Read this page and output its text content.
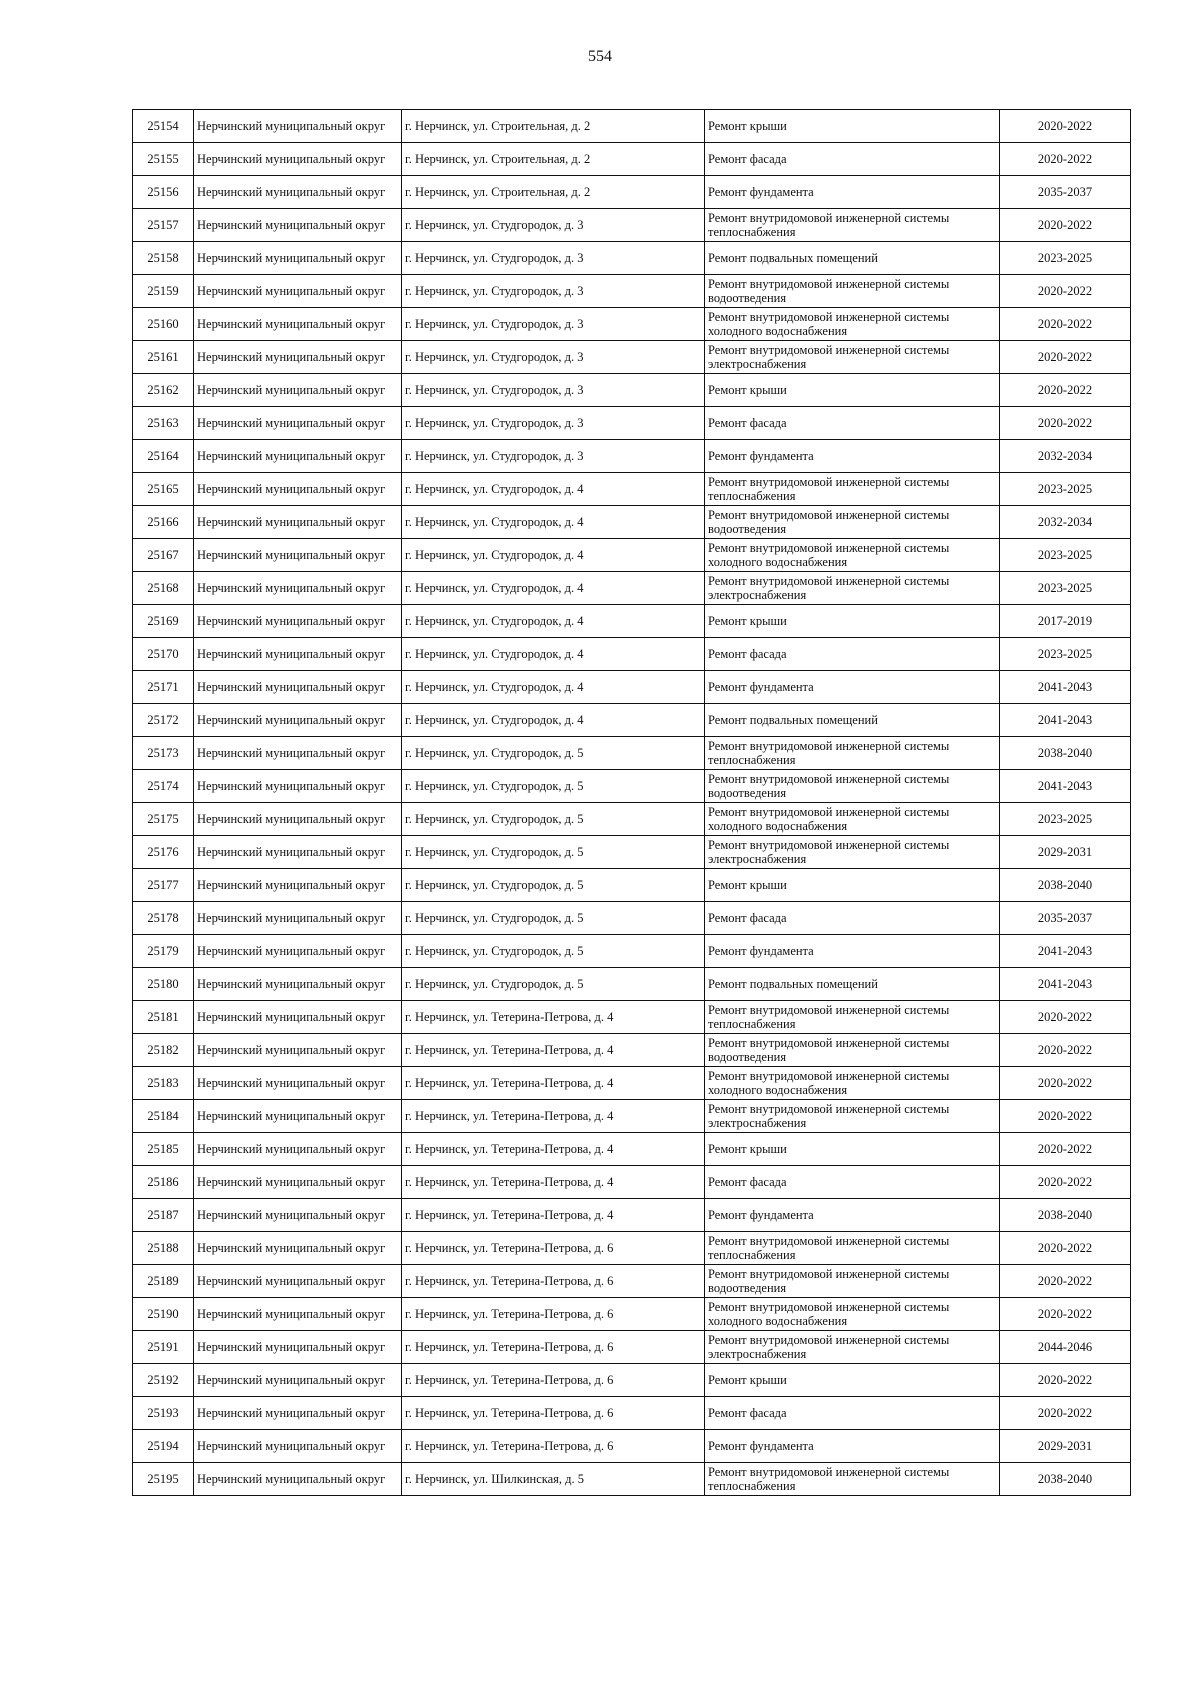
554
25154	Нерчинский муниципальный округ	г. Нерчинск, ул. Строительная, д. 2	Ремонт крыши	2020-2022
25155	Нерчинский муниципальный округ	г. Нерчинск, ул. Строительная, д. 2	Ремонт фасада	2020-2022
25156	Нерчинский муниципальный округ	г. Нерчинск, ул. Строительная, д. 2	Ремонт фундамента	2035-2037
25157	Нерчинский муниципальный округ	г. Нерчинск, ул. Студгородок, д. 3	Ремонт внутридомовой инженерной системы теплоснабжения	2020-2022
25158	Нерчинский муниципальный округ	г. Нерчинск, ул. Студгородок, д. 3	Ремонт подвальных помещений	2023-2025
25159	Нерчинский муниципальный округ	г. Нерчинск, ул. Студгородок, д. 3	Ремонт внутридомовой инженерной системы водоотведения	2020-2022
25160	Нерчинский муниципальный округ	г. Нерчинск, ул. Студгородок, д. 3	Ремонт внутридомовой инженерной системы холодного водоснабжения	2020-2022
25161	Нерчинский муниципальный округ	г. Нерчинск, ул. Студгородок, д. 3	Ремонт внутридомовой инженерной системы электроснабжения	2020-2022
25162	Нерчинский муниципальный округ	г. Нерчинск, ул. Студгородок, д. 3	Ремонт крыши	2020-2022
25163	Нерчинский муниципальный округ	г. Нерчинск, ул. Студгородок, д. 3	Ремонт фасада	2020-2022
25164	Нерчинский муниципальный округ	г. Нерчинск, ул. Студгородок, д. 3	Ремонт фундамента	2032-2034
25165	Нерчинский муниципальный округ	г. Нерчинск, ул. Студгородок, д. 4	Ремонт внутридомовой инженерной системы теплоснабжения	2023-2025
25166	Нерчинский муниципальный округ	г. Нерчинск, ул. Студгородок, д. 4	Ремонт внутридомовой инженерной системы водоотведения	2032-2034
25167	Нерчинский муниципальный округ	г. Нерчинск, ул. Студгородок, д. 4	Ремонт внутридомовой инженерной системы холодного водоснабжения	2023-2025
25168	Нерчинский муниципальный округ	г. Нерчинск, ул. Студгородок, д. 4	Ремонт внутридомовой инженерной системы электроснабжения	2023-2025
25169	Нерчинский муниципальный округ	г. Нерчинск, ул. Студгородок, д. 4	Ремонт крыши	2017-2019
25170	Нерчинский муниципальный округ	г. Нерчинск, ул. Студгородок, д. 4	Ремонт фасада	2023-2025
25171	Нерчинский муниципальный округ	г. Нерчинск, ул. Студгородок, д. 4	Ремонт фундамента	2041-2043
25172	Нерчинский муниципальный округ	г. Нерчинск, ул. Студгородок, д. 4	Ремонт подвальных помещений	2041-2043
25173	Нерчинский муниципальный округ	г. Нерчинск, ул. Студгородок, д. 5	Ремонт внутридомовой инженерной системы теплоснабжения	2038-2040
25174	Нерчинский муниципальный округ	г. Нерчинск, ул. Студгородок, д. 5	Ремонт внутридомовой инженерной системы водоотведения	2041-2043
25175	Нерчинский муниципальный округ	г. Нерчинск, ул. Студгородок, д. 5	Ремонт внутридомовой инженерной системы холодного водоснабжения	2023-2025
25176	Нерчинский муниципальный округ	г. Нерчинск, ул. Студгородок, д. 5	Ремонт внутридомовой инженерной системы электроснабжения	2029-2031
25177	Нерчинский муниципальный округ	г. Нерчинск, ул. Студгородок, д. 5	Ремонт крыши	2038-2040
25178	Нерчинский муниципальный округ	г. Нерчинск, ул. Студгородок, д. 5	Ремонт фасада	2035-2037
25179	Нерчинский муниципальный округ	г. Нерчинск, ул. Студгородок, д. 5	Ремонт фундамента	2041-2043
25180	Нерчинский муниципальный округ	г. Нерчинск, ул. Студгородок, д. 5	Ремонт подвальных помещений	2041-2043
25181	Нерчинский муниципальный округ	г. Нерчинск, ул. Тетерина-Петрова, д. 4	Ремонт внутридомовой инженерной системы теплоснабжения	2020-2022
25182	Нерчинский муниципальный округ	г. Нерчинск, ул. Тетерина-Петрова, д. 4	Ремонт внутридомовой инженерной системы водоотведения	2020-2022
25183	Нерчинский муниципальный округ	г. Нерчинск, ул. Тетерина-Петрова, д. 4	Ремонт внутридомовой инженерной системы холодного водоснабжения	2020-2022
25184	Нерчинский муниципальный округ	г. Нерчинск, ул. Тетерина-Петрова, д. 4	Ремонт внутридомовой инженерной системы электроснабжения	2020-2022
25185	Нерчинский муниципальный округ	г. Нерчинск, ул. Тетерина-Петрова, д. 4	Ремонт крыши	2020-2022
25186	Нерчинский муниципальный округ	г. Нерчинск, ул. Тетерина-Петрова, д. 4	Ремонт фасада	2020-2022
25187	Нерчинский муниципальный округ	г. Нерчинск, ул. Тетерина-Петрова, д. 4	Ремонт фундамента	2038-2040
25188	Нерчинский муниципальный округ	г. Нерчинск, ул. Тетерина-Петрова, д. 6	Ремонт внутридомовой инженерной системы теплоснабжения	2020-2022
25189	Нерчинский муниципальный округ	г. Нерчинск, ул. Тетерина-Петрова, д. 6	Ремонт внутридомовой инженерной системы водоотведения	2020-2022
25190	Нерчинский муниципальный округ	г. Нерчинск, ул. Тетерина-Петрова, д. 6	Ремонт внутридомовой инженерной системы холодного водоснабжения	2020-2022
25191	Нерчинский муниципальный округ	г. Нерчинск, ул. Тетерина-Петрова, д. 6	Ремонт внутридомовой инженерной системы электроснабжения	2044-2046
25192	Нерчинский муниципальный округ	г. Нерчинск, ул. Тетерина-Петрова, д. 6	Ремонт крыши	2020-2022
25193	Нерчинский муниципальный округ	г. Нерчинск, ул. Тетерина-Петрова, д. 6	Ремонт фасада	2020-2022
25194	Нерчинский муниципальный округ	г. Нерчинск, ул. Тетерина-Петрова, д. 6	Ремонт фундамента	2029-2031
25195	Нерчинский муниципальный округ	г. Нерчинск, ул. Шилкинская, д. 5	Ремонт внутридомовой инженерной системы теплоснабжения	2038-2040
